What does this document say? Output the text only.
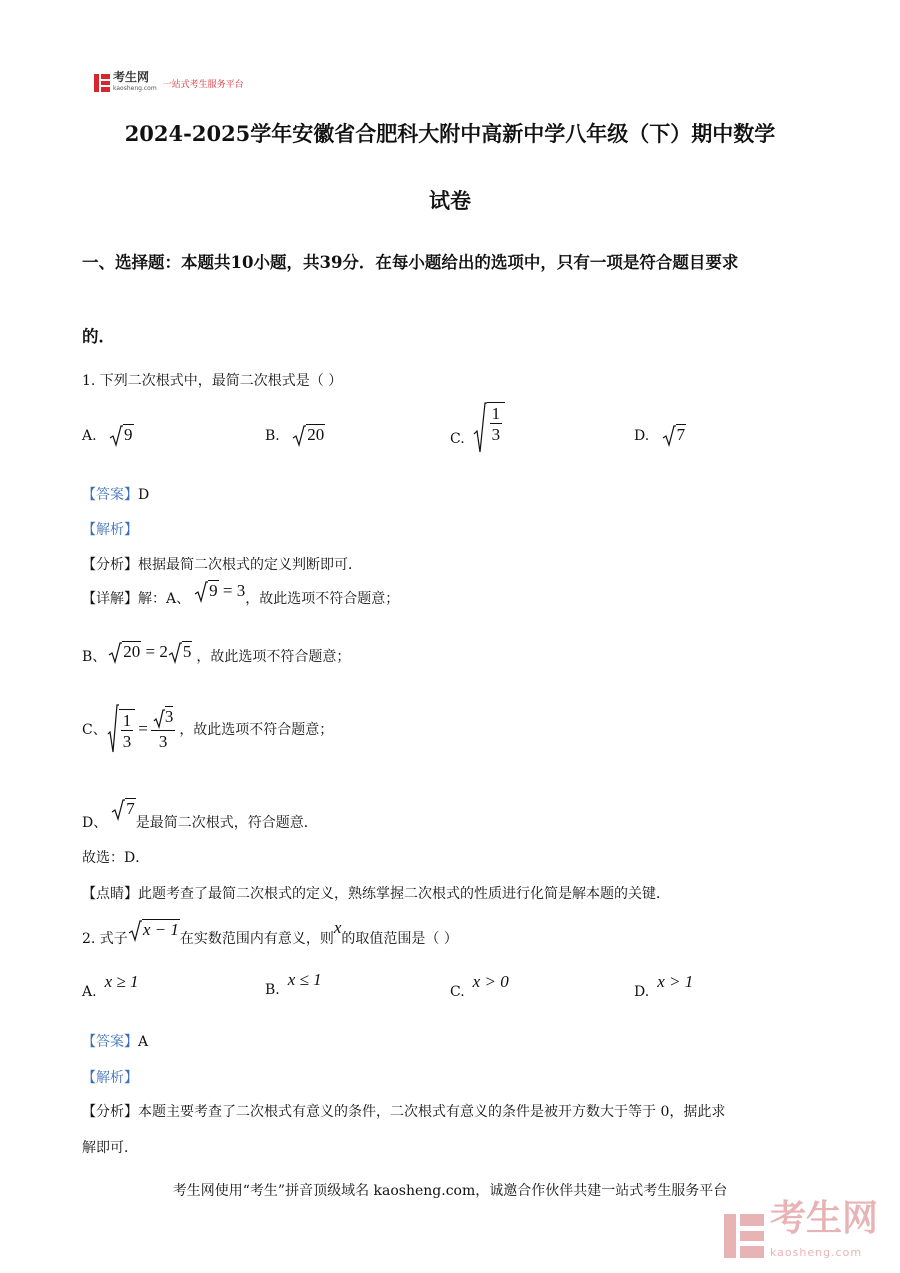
考生网
kaosheng.com 一站式考生服务平台
2024-2025学年安徽省合肥科大附中高新中学八年级（下）期中数学
试卷
一、选择题：本题共10小题，共39分．在每小题给出的选项中，只有一项是符合题目要求
的．
1. 下列二次根式中，最简二次根式是（ ）
A. 9	B. 20	C. $\frac{1}{3}$	D. 7
【答案】D
【解析】
【分析】根据最简二次根式的定义判断即可．
【详解】 解：A、	9 = 3 ，故此选项不符合题意；
B、	20 = 2 5 ，故此选项不符合题意；
C、 $\frac{1}{3} = \frac{3}{3}$ ，故此选项不符合题意；
D、
7
是最简二次根式，符合题意．
故选：D．
【点睛】此题考查了最简二次根式的定义，熟练掌握二次根式的性质进行化简是解本题的关键．
2. 式子
x − 1
在实数范围内有意义，则
x
的取值范围是（ ）
A.
x ≥ 1	B.
x ≤ 1
C.
x > 0
D.
x > 1
【答案】A
【解析】
【分析】本题主要考查了二次根式有意义的条件，二次根式有意义的条件是被开方数大于等于 0，据此求
解即可．
考生网使用“考生”拼音顶级域名 kaosheng.com，诚邀合作伙伴共建一站式考生服务平台
考生网
kaosheng.com
